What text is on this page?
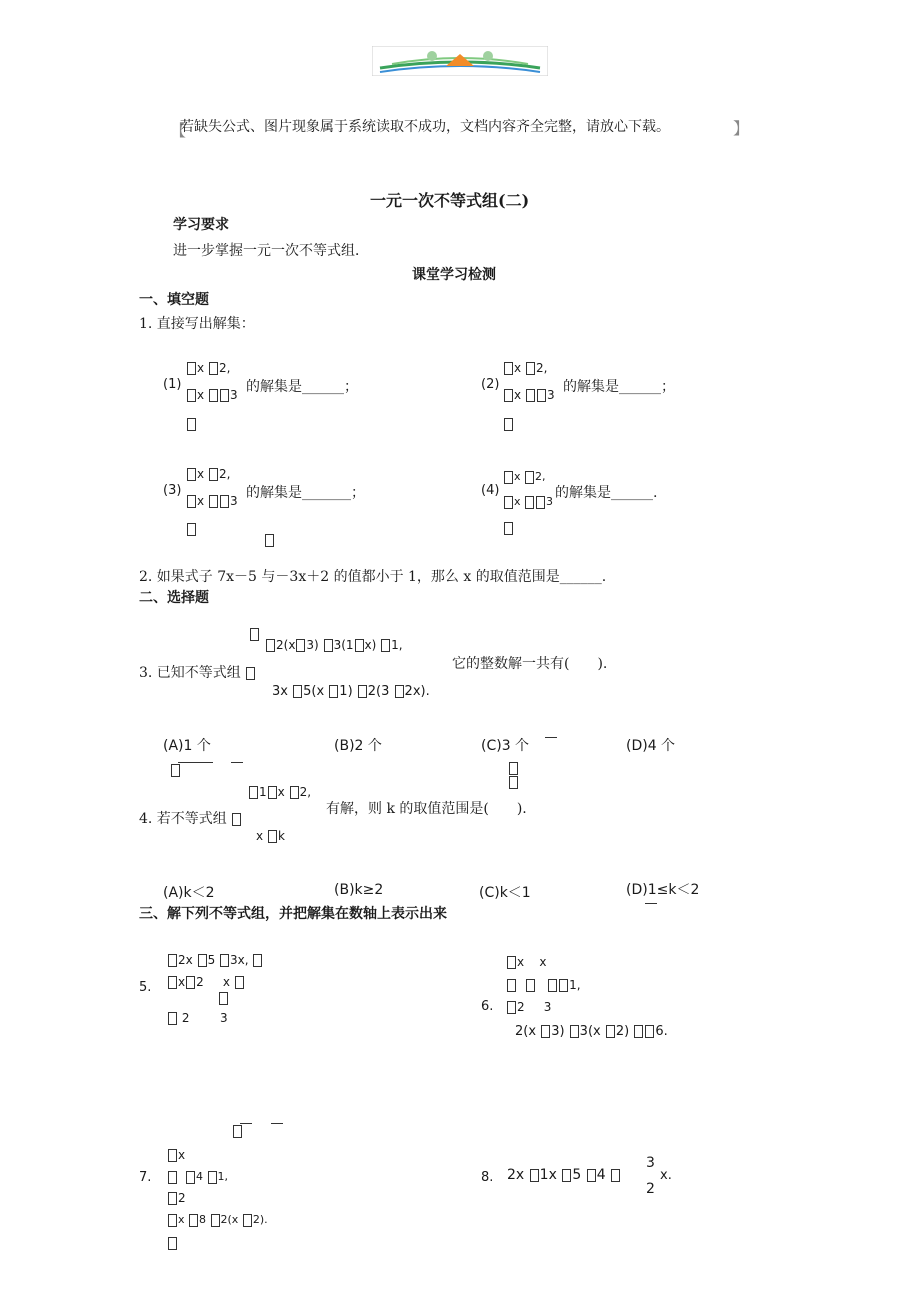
【
若缺失公式、图片现象属于系统读取不成功，文档内容齐全完整，请放心下载。	】
一元一次不等式组(二)
学习要求
进一步掌握一元一次不等式组．
课堂学习检测
一、填空题
1. 直接写出解集：
(1)
x 2,
x 3 的解集是______；	(2)
x 2,
x 3 的解集是______；
(3)
x 2,
x 3 的解集是_______；	(4)
x 2,
x 3
的解集是______.
2. 如果式子 7x－5 与－3x＋2 的值都小于 1，那么 x 的取值范围是______.
二、选择题
2(x 3) 3(1 x) 1,
3. 已知不等式组
它的整数解一共有(　　).
3x 5(x 1) 2(3 2x).
(A)1 个	(B)2 个	(C)3 个	(D)4 个
1 x 2,
4. 若不等式组
有解，则 k 的取值范围是(　　).
x k
(A)k＜2	(B)k≥2	(C)k＜1	(D)1≤k＜2
三、解下列不等式组，并把解集在数轴上表示出来
2x 5 3x,
5.	x 2 x
2	3
x x
1,
6.	2 3
2(x 3) 3(x 2) 6.
x
7.	4 1,
2
x 8 2(x 2).
8. 2x 1x 5 4
3
2
x.
